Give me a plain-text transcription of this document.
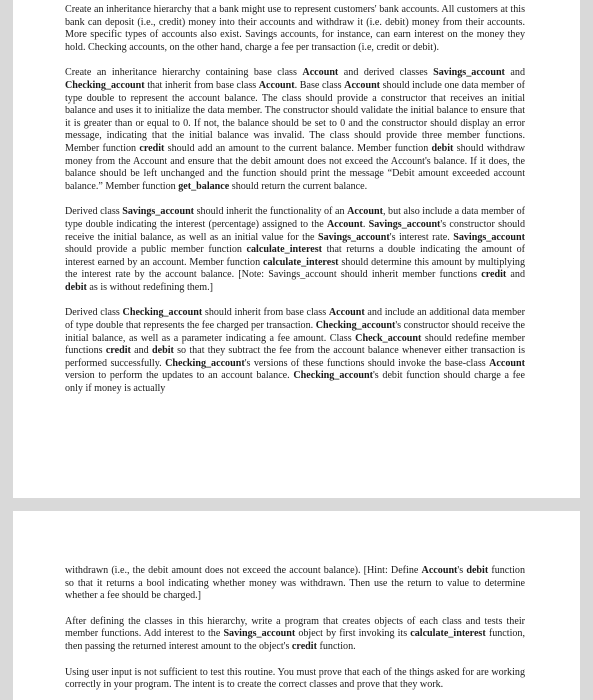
Create an inheritance hierarchy that a bank might use to represent customers' bank accounts. All customers at this bank can deposit (i.e., credit) money into their accounts and withdraw it (i.e. debit) money from their accounts. More specific types of accounts also exist. Savings accounts, for instance, can earn interest on the money they hold. Checking accounts, on the other hand, charge a fee per transaction (i.e, credit or debit).

Create an inheritance hierarchy containing base class Account and derived classes Savings_account and Checking_account that inherit from base class Account. Base class Account should include one data member of type double to represent the account balance. The class should provide a constructor that receives an initial balance and uses it to initialize the data member. The constructor should validate the initial balance to ensure that it is greater than or equal to 0. If not, the balance should be set to 0 and the constructor should display an error message, indicating that the initial balance was invalid. The class should provide three member functions. Member function credit should add an amount to the current balance. Member function debit should withdraw money from the Account and ensure that the debit amount does not exceed the Account's balance. If it does, the balance should be left unchanged and the function should print the message “Debit amount exceeded account balance.” Member function get_balance should return the current balance.

Derived class Savings_account should inherit the functionality of an Account, but also include a data member of type double indicating the interest (percentage) assigned to the Account. Savings_account's constructor should receive the initial balance, as well as an initial value for the Savings_account's interest rate. Savings_account should provide a public member function calculate_interest that returns a double indicating the amount of interest earned by an account. Member function calculate_interest should determine this amount by multiplying the interest rate by the account balance. [Note: Savings_account should inherit member functions credit and debit as is without redefining them.]

Derived class Checking_account should inherit from base class Account and include an additional data member of type double that represents the fee charged per transaction. Checking_account's constructor should receive the initial balance, as well as a parameter indicating a fee amount. Class Check_account should redefine member functions credit and debit so that they subtract the fee from the account balance whenever either transaction is performed successfully. Checking_account's versions of these functions should invoke the base-class Account version to perform the updates to an account balance. Checking_account's debit function should charge a fee only if money is actually

withdrawn (i.e., the debit amount does not exceed the account balance). [Hint: Define Account's debit function so that it returns a bool indicating whether money was withdrawn. Then use the return to value to determine whether a fee should be charged.]

After defining the classes in this hierarchy, write a program that creates objects of each class and tests their member functions. Add interest to the Savings_account object by first invoking its calculate_interest function, then passing the returned interest amount to the object's credit function.

Using user input is not sufficient to test this routine. You must prove that each of the things asked for are working correctly in your program. The intent is to create the correct classes and prove that they work.
